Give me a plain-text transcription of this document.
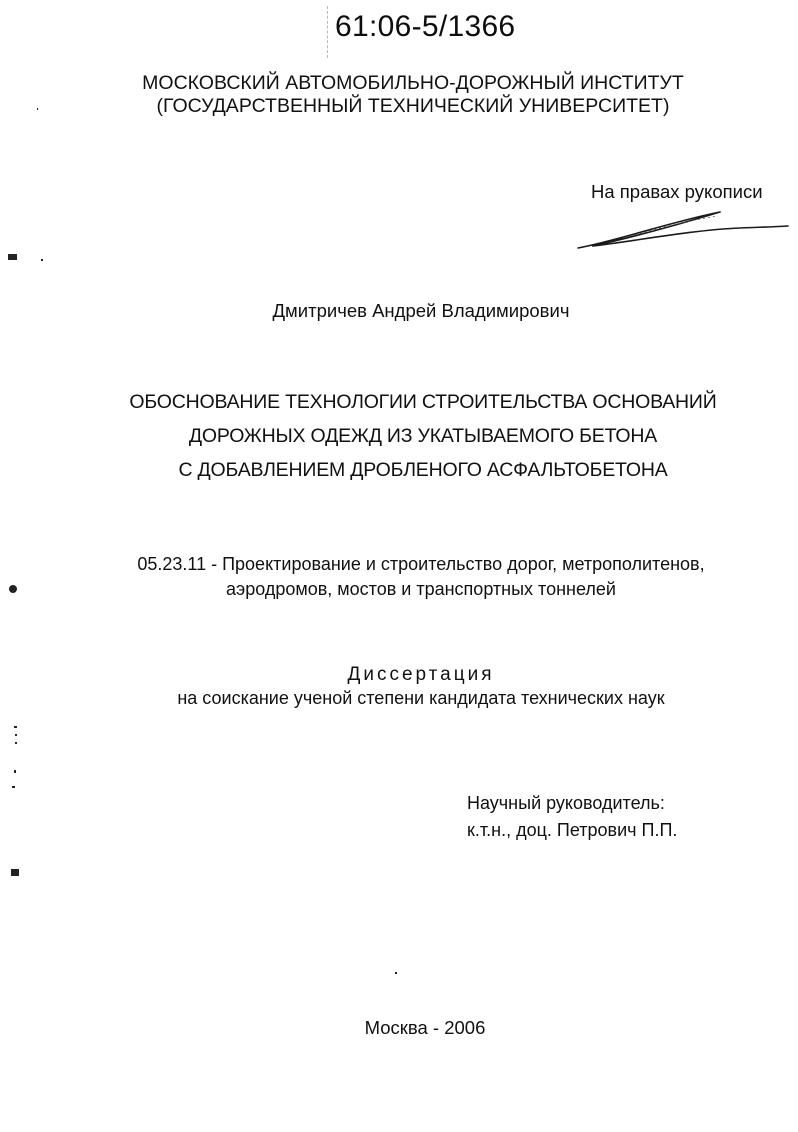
61:06-5/1366
МОСКОВСКИЙ АВТОМОБИЛЬНО-ДОРОЖНЫЙ ИНСТИТУТ
(ГОСУДАРСТВЕННЫЙ ТЕХНИЧЕСКИЙ УНИВЕРСИТЕТ)
На правах рукописи
Дмитричев Андрей Владимирович
ОБОСНОВАНИЕ ТЕХНОЛОГИИ СТРОИТЕЛЬСТВА ОСНОВАНИЙ
ДОРОЖНЫХ ОДЕЖД ИЗ УКАТЫВАЕМОГО БЕТОНА
С ДОБАВЛЕНИЕМ ДРОБЛЕНОГО АСФАЛЬТОБЕТОНА
05.23.11 - Проектирование и строительство дорог, метрополитенов,
аэродромов, мостов и транспортных тоннелей
Диссертация
на соискание ученой степени кандидата технических наук
Научный руководитель:
к.т.н., доц. Петрович П.П.
Москва - 2006
